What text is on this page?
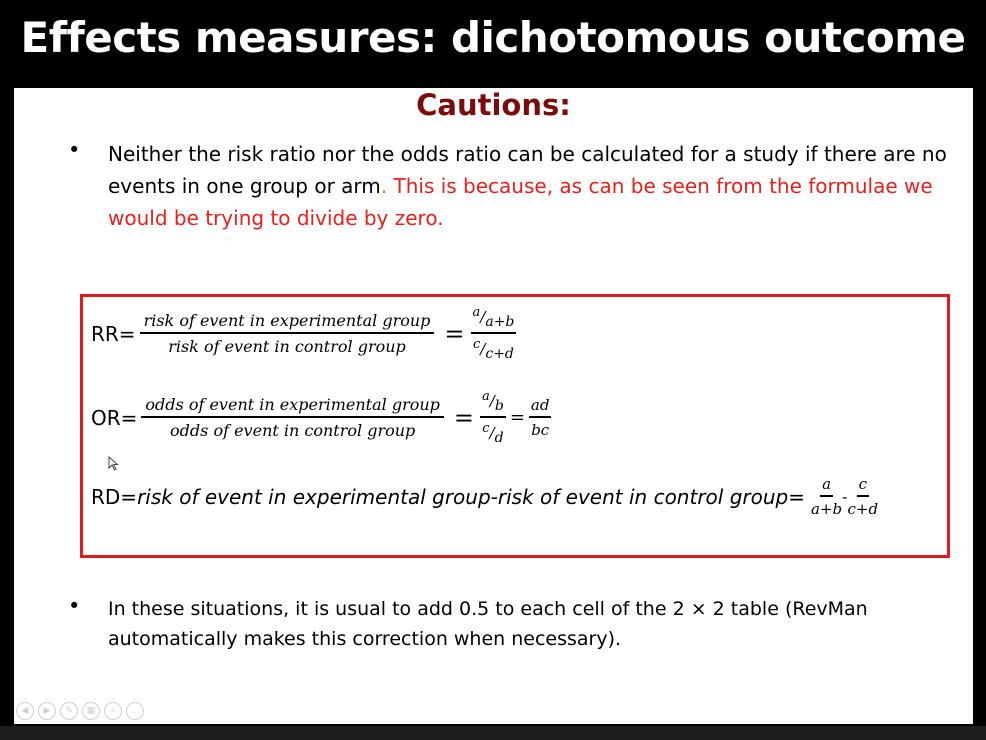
Effects measures: dichotomous outcome
Cautions:
•	Neither the risk ratio nor the odds ratio can be calculated for a study if there are no events in one group or arm. This is because, as can be seen from the formulae we would be trying to divide by zero.
$RR= \frac{\text{risk of event in experimental group}}{\text{risk of event in control group}} = \frac{^a/_{a+b}}{^c/_{c+d}}$
$OR= \frac{\text{odds of event in experimental group}}{\text{odds of event in control group}} = \frac{^a/_b}{^c/_d} = \frac{ad}{bc}$
RD= risk of event in experimental group-risk of event in control group= $\frac{a}{a+b} - \frac{c}{c+d}$
•	In these situations, it is usual to add 0.5 to each cell of the 2 × 2 table (RevMan automatically makes this correction when necessary).
◀	▶	✎	▦	⌕	…
